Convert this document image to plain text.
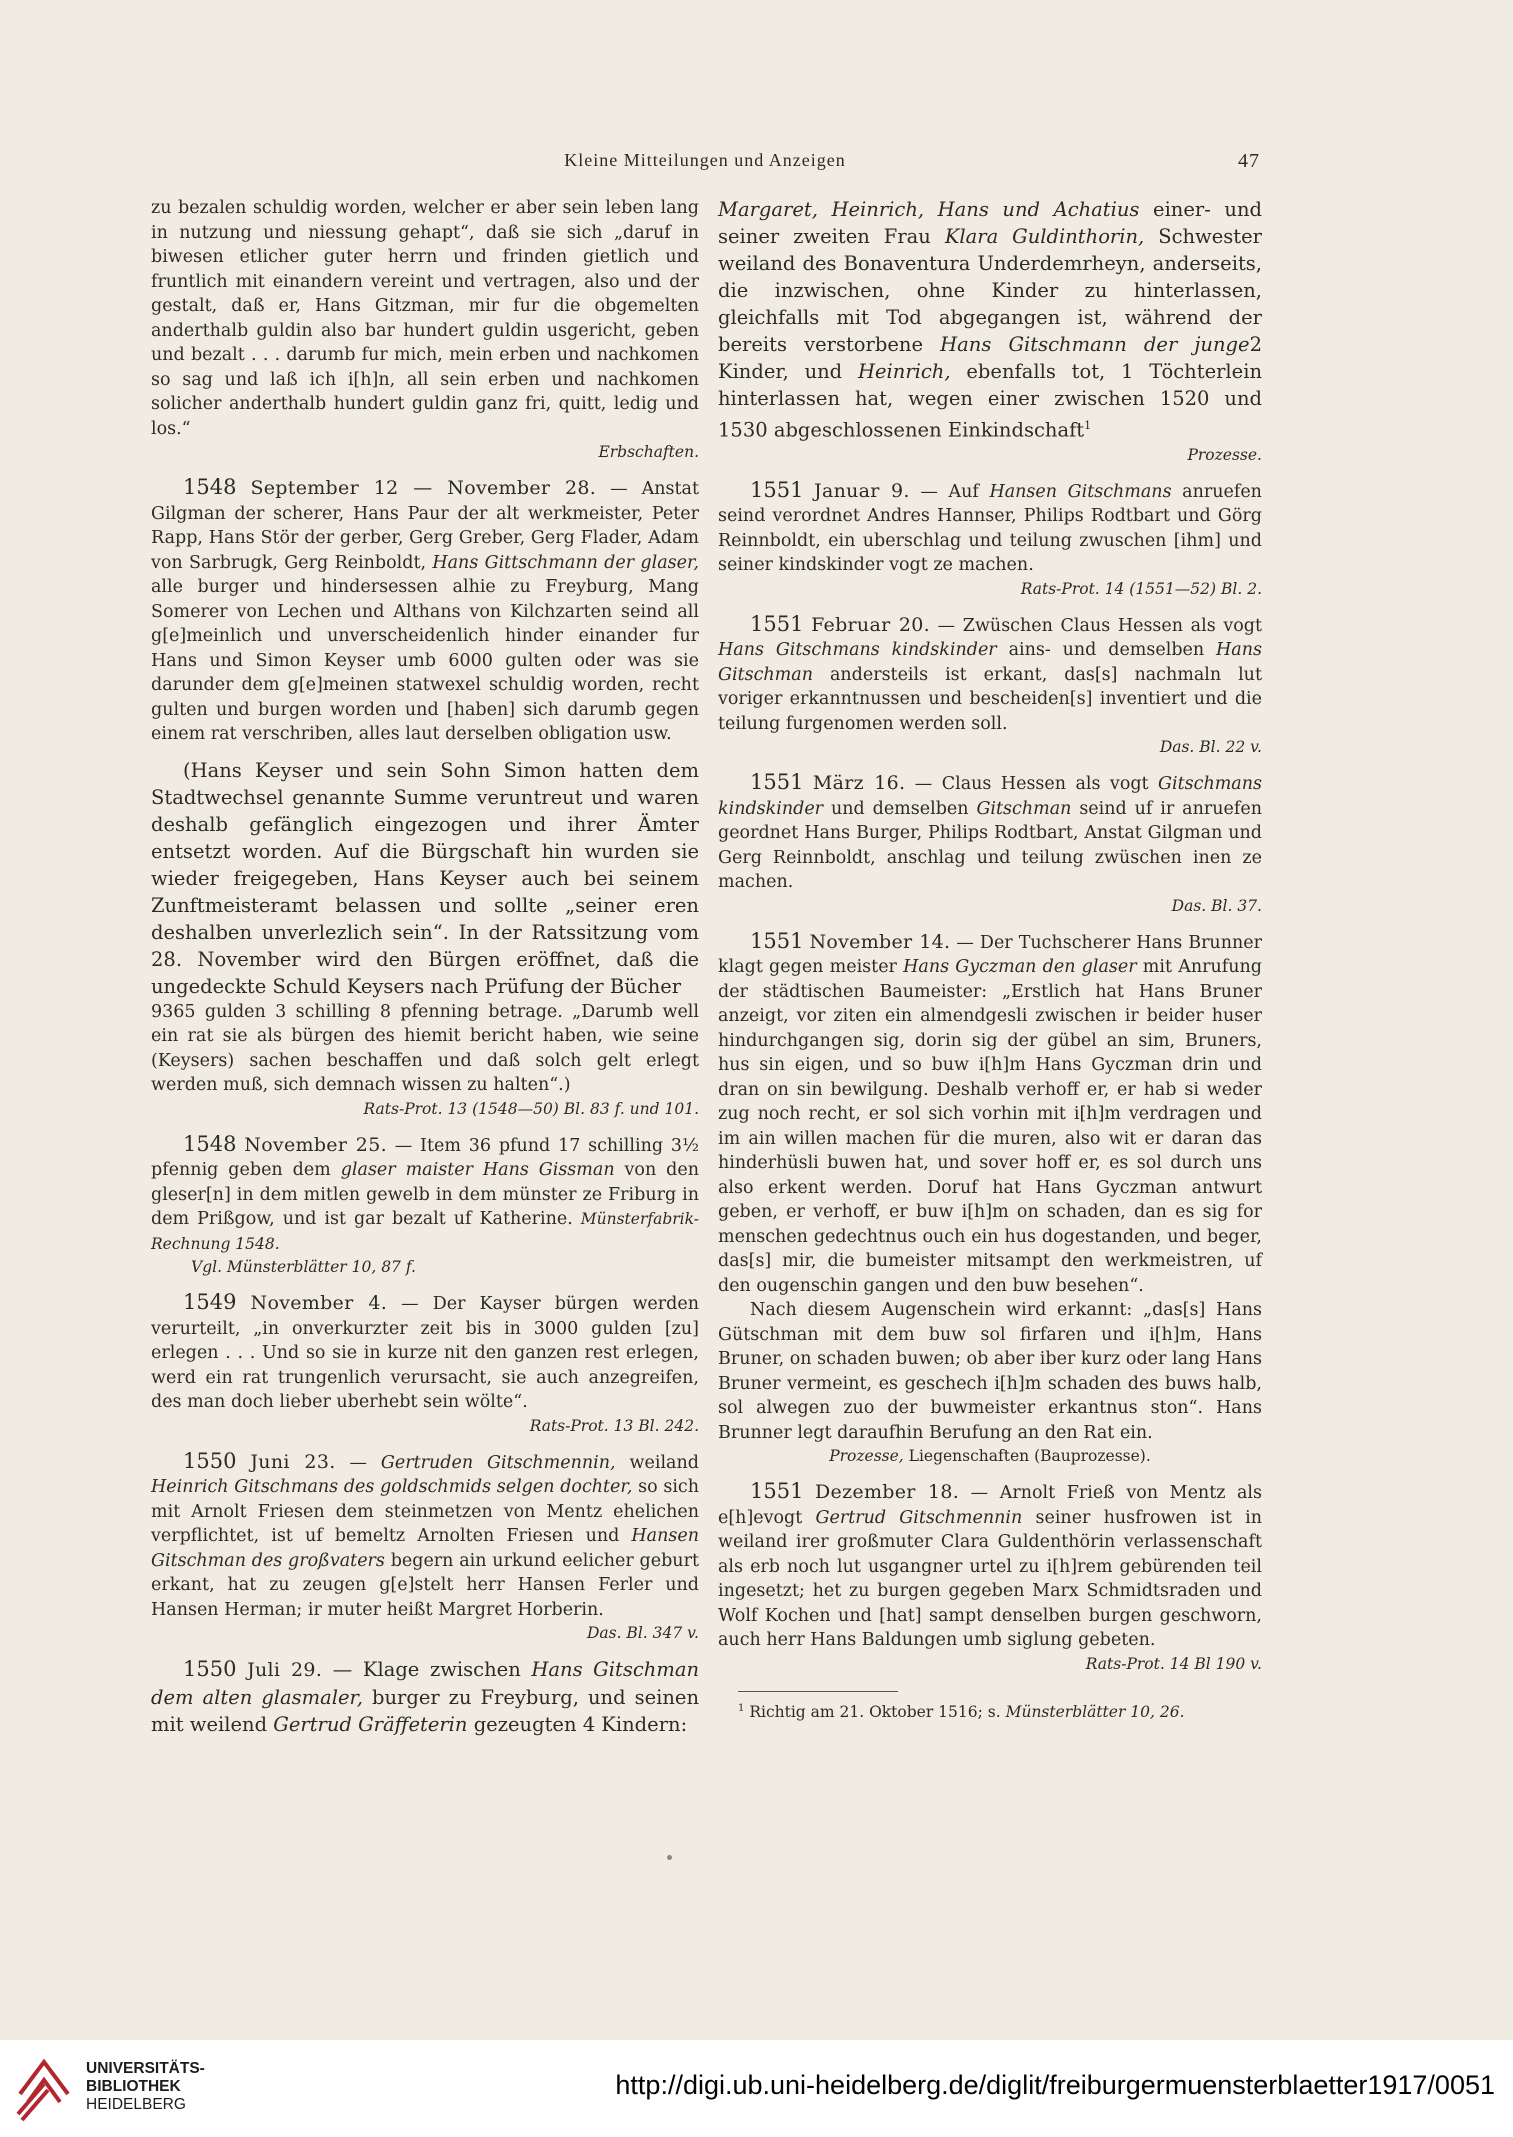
Kleine Mitteilungen und Anzeigen	47

zu bezalen schuldig worden, welcher er aber sein leben lang in nutzung und niessung gehapt“, daß sie sich „daruf in biwesen etlicher guter herrn und frinden gietlich und fruntlich mit einandern vereint und vertragen, also und der gestalt, daß er, Hans Gitzman, mir fur die obgemelten anderthalb guldin also bar hundert guldin usgericht, geben und bezalt . . . darumb fur mich, mein erben und nachkomen so sag und laß ich i[h]n, all sein erben und nachkomen solicher anderthalb hundert guldin ganz fri, quitt, ledig und los.“

Erbschaften.

1548 September 12 — November 28. — Anstat Gilgman der scherer, Hans Paur der alt werkmeister, Peter Rapp, Hans Stör der gerber, Gerg Greber, Gerg Flader, Adam von Sarbrugk, Gerg Reinboldt, Hans Gittschmann der glaser, alle burger und hindersessen alhie zu Freyburg, Mang Somerer von Lechen und Althans von Kilchzarten seind all g[e]meinlich und unverscheidenlich hinder einander fur Hans und Simon Keyser umb 6000 gulten oder was sie darunder dem g[e]meinen statwexel schuldig worden, recht gulten und burgen worden und [haben] sich darumb gegen einem rat verschriben, alles laut derselben obligation usw.

(Hans Keyser und sein Sohn Simon hatten dem Stadtwechsel genannte Summe veruntreut und waren deshalb gefänglich eingezogen und ihrer Ämter entsetzt worden. Auf die Bürgschaft hin wurden sie wieder freigegeben, Hans Keyser auch bei seinem Zunftmeisteramt belassen und sollte „seiner eren deshalben unverlezlich sein“. In der Ratssitzung vom 28. November wird den Bürgen eröffnet, daß die ungedeckte Schuld Keysers nach Prüfung der Bücher

9365 gulden 3 schilling 8 pfenning betrage. „Darumb well ein rat sie als bürgen des hiemit bericht haben, wie seine (Keysers) sachen beschaffen und daß solch gelt erlegt werden muß, sich demnach wissen zu halten“.)

Rats-Prot. 13 (1548—50) Bl. 83 f. und 101.

1548 November 25. — Item 36 pfund 17 schilling 3½ pfennig geben dem glaser maister Hans Gissman von den gleser[n] in dem mitlen gewelb in dem münster ze Friburg in dem Prißgow, und ist gar bezalt uf Katherine. Münsterfabrik-Rechnung 1548.

Vgl. Münsterblätter 10, 87 f.

1549 November 4. — Der Kayser bürgen werden verurteilt, „in onverkurzter zeit bis in 3000 gulden [zu] erlegen . . . Und so sie in kurze nit den ganzen rest erlegen, werd ein rat trungenlich verursacht, sie auch anzegreifen, des man doch lieber uberhebt sein wölte“.

Rats-Prot. 13 Bl. 242.

1550 Juni 23. — Gertruden Gitschmennin, weiland Heinrich Gitschmans des goldschmids selgen dochter, so sich mit Arnolt Friesen dem steinmetzen von Mentz ehelichen verpflichtet, ist uf bemeltz Arnolten Friesen und Hansen Gitschman des großvaters begern ain urkund eelicher geburt erkant, hat zu zeugen g[e]stelt herr Hansen Ferler und Hansen Herman; ir muter heißt Margret Horberin.

Das. Bl. 347 v.

1550 Juli 29. — Klage zwischen Hans Gitschman dem alten glasmaler, burger zu Freyburg, und seinen mit weilend Gertrud Gräffeterin gezeugten 4 Kindern:

Margaret, Heinrich, Hans und Achatius einer- und seiner zweiten Frau Klara Guldinthorin, Schwester weiland des Bonaventura Underdemrheyn, anderseits, die inzwischen, ohne Kinder zu hinterlassen, gleichfalls mit Tod abgegangen ist, während der bereits verstorbene Hans Gitschmann der junge2 Kinder, und Heinrich, ebenfalls tot, 1 Töchterlein hinterlassen hat, wegen einer zwischen 1520 und 1530 abgeschlossenen Einkindschaft$^1$

Prozesse.

1551 Januar 9. — Auf Hansen Gitschmans anruefen seind verordnet Andres Hannser, Philips Rodtbart und Görg Reinnboldt, ein uberschlag und teilung zwuschen [ihm] und seiner kindskinder vogt ze machen.

Rats-Prot. 14 (1551—52) Bl. 2.

1551 Februar 20. — Zwüschen Claus Hessen als vogt Hans Gitschmans kindskinder ains- und demselben Hans Gitschman andersteils ist erkant, das[s] nachmaln lut voriger erkanntnussen und bescheiden[s] inventiert und die teilung furgenomen werden soll.

Das. Bl. 22 v.

1551 März 16. — Claus Hessen als vogt Gitschmans kindskinder und demselben Gitschman seind uf ir anruefen geordnet Hans Burger, Philips Rodtbart, Anstat Gilgman und Gerg Reinnboldt, anschlag und teilung zwüschen inen ze machen.

Das. Bl. 37.

1551 November 14. — Der Tuchscherer Hans Brunner klagt gegen meister Hans Gyczman den glaser mit Anrufung der städtischen Baumeister: „Erstlich hat Hans Bruner anzeigt, vor ziten ein almendgesli zwischen ir beider huser hindurchgangen sig, dorin sig der gübel an sim, Bruners, hus sin eigen, und so buw i[h]m Hans Gyczman drin und dran on sin bewilgung. Deshalb verhoff er, er hab si weder zug noch recht, er sol sich vorhin mit i[h]m verdragen und im ain willen machen für die muren, also wit er daran das hinderhüsli buwen hat, und sover hoff er, es sol durch uns also erkent werden. Doruf hat Hans Gyczman antwurt geben, er verhoff, er buw i[h]m on schaden, dan es sig for menschen gedechtnus ouch ein hus dogestanden, und beger, das[s] mir, die bumeister mitsampt den werkmeistren, uf den ougenschin gangen und den buw besehen“.

Nach diesem Augenschein wird erkannt: „das[s] Hans Gütschman mit dem buw sol firfaren und i[h]m, Hans Bruner, on schaden buwen; ob aber iber kurz oder lang Hans Bruner vermeint, es geschech i[h]m schaden des buws halb, sol alwegen zuo der buwmeister erkantnus ston“. Hans Brunner legt daraufhin Berufung an den Rat ein.

Prozesse, Liegenschaften (Bauprozesse).

1551 Dezember 18. — Arnolt Frieß von Mentz als e[h]evogt Gertrud Gitschmennin seiner husfrowen ist in weiland irer großmuter Clara Guldenthörin verlassenschaft als erb noch lut usgangner urtel zu i[h]rem gebürenden teil ingesetzt; het zu burgen gegeben Marx Schmidtsraden und Wolf Kochen und [hat] sampt denselben burgen geschworn, auch herr Hans Baldungen umb siglung gebeten.

Rats-Prot. 14 Bl 190 v.

$^1$ Richtig am 21. Oktober 1516; s. Münsterblätter 10, 26.

UNIVERSITÄTS-
BIBLIOTHEK
HEIDELBERG
http://digi.ub.uni-heidelberg.de/diglit/freiburgermuensterblaetter1917/0051
